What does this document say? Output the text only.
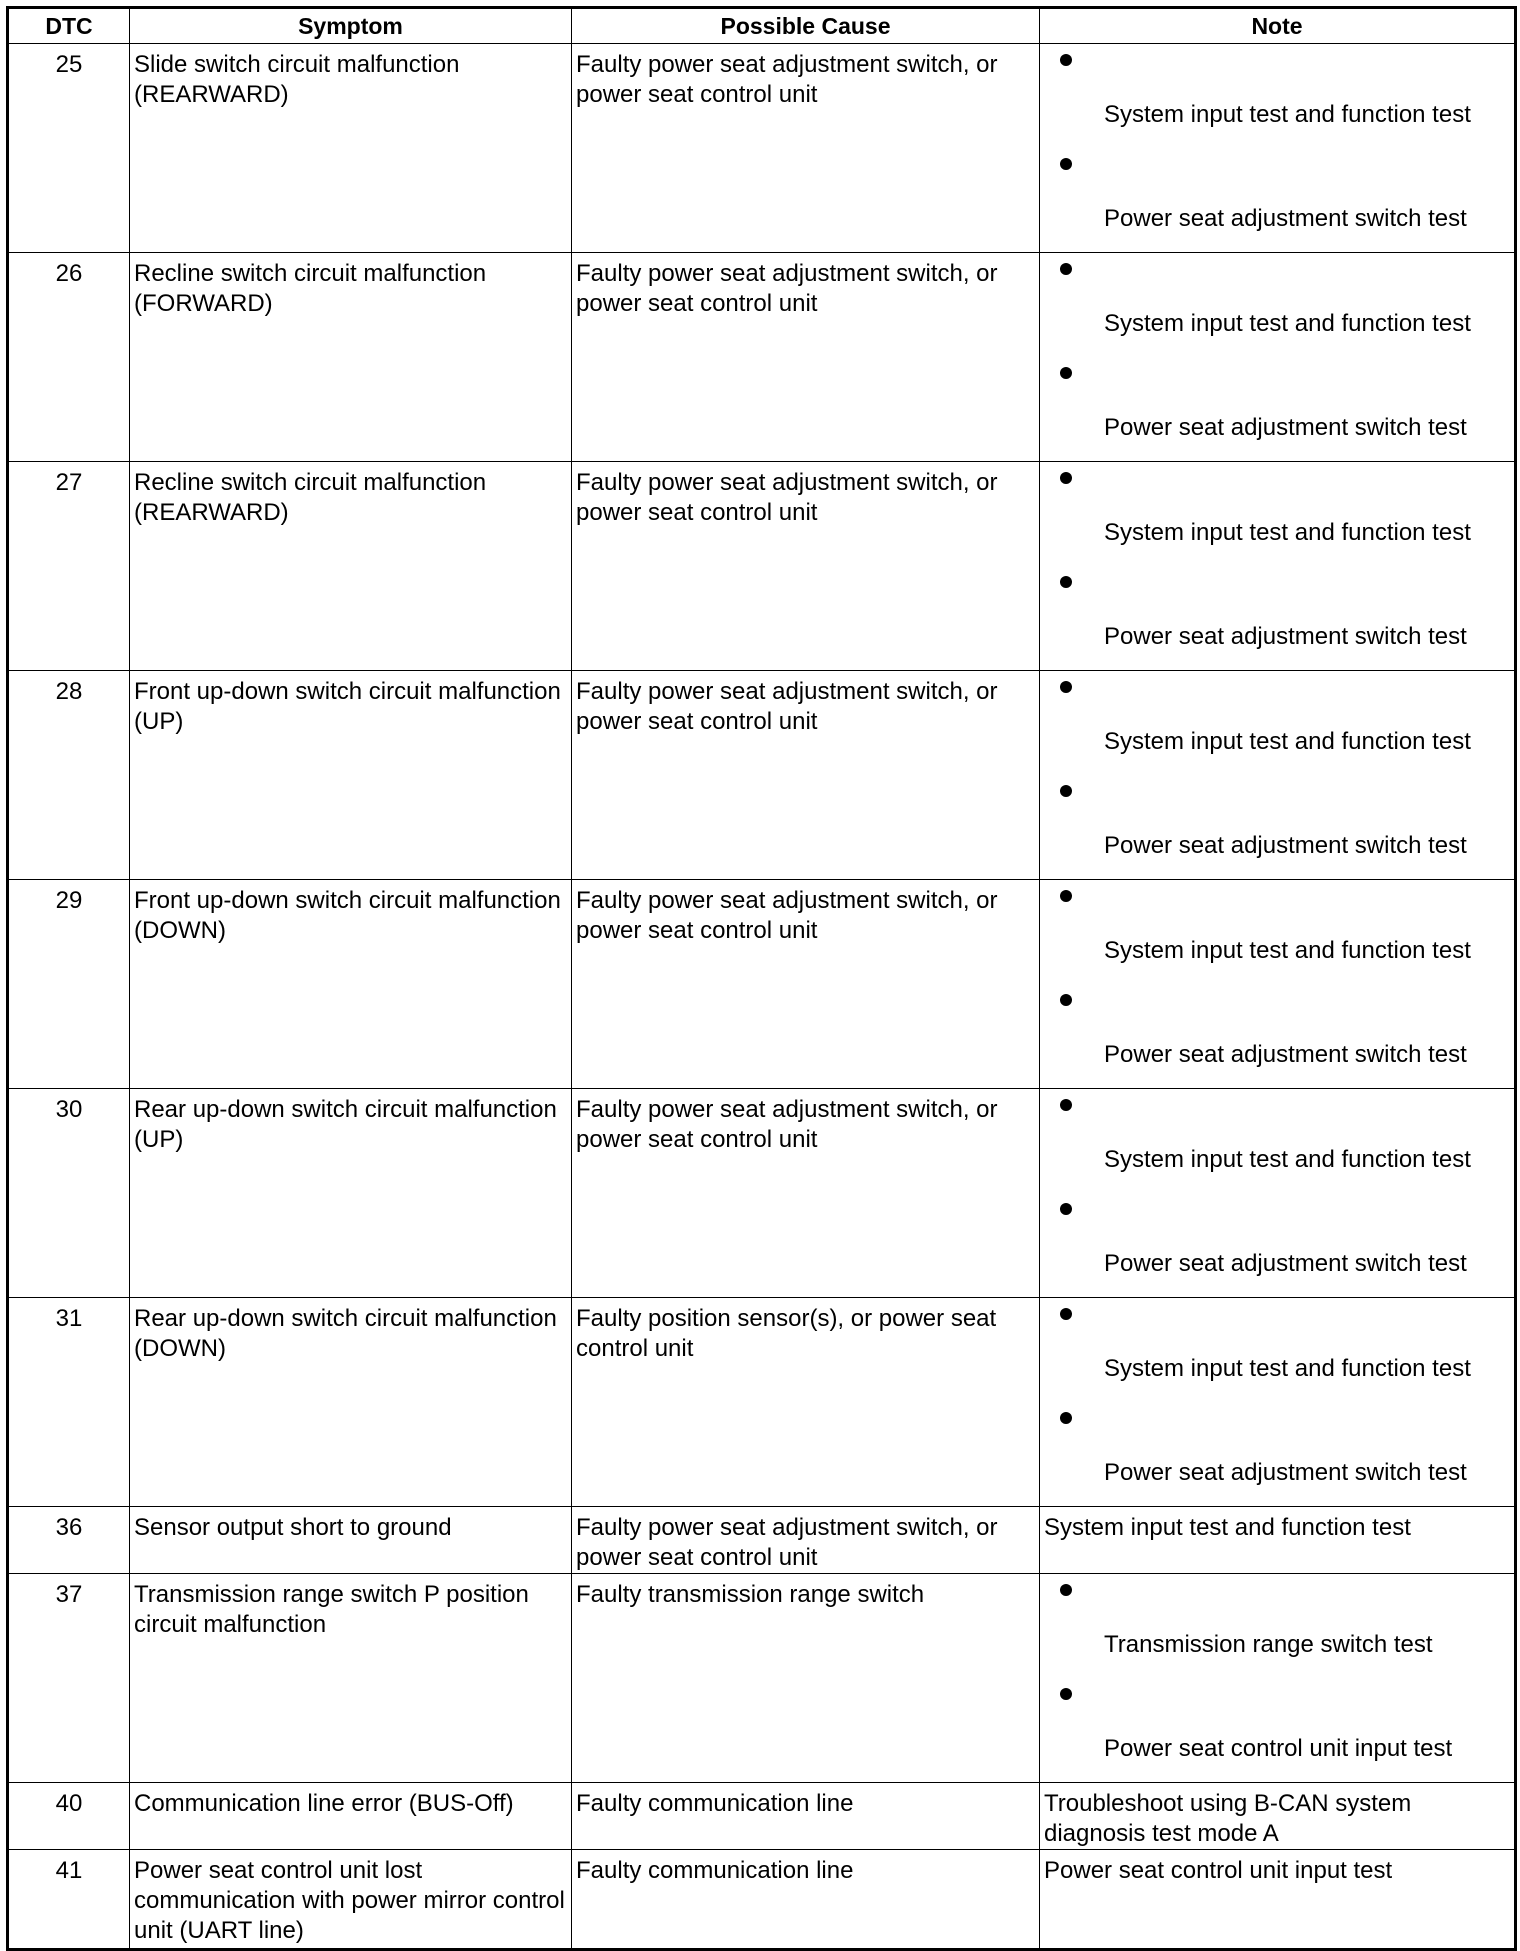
DTC	Symptom	Possible Cause	Note
25	Slide switch circuit malfunction (REARWARD)	Faulty power seat adjustment switch, or power seat control unit	System input test and function test
Power seat adjustment switch test

26	Recline switch circuit malfunction (FORWARD)	Faulty power seat adjustment switch, or power seat control unit	System input test and function test
Power seat adjustment switch test

27	Recline switch circuit malfunction (REARWARD)	Faulty power seat adjustment switch, or power seat control unit	System input test and function test
Power seat adjustment switch test

28	Front up-down switch circuit malfunction (UP)	Faulty power seat adjustment switch, or power seat control unit	System input test and function test
Power seat adjustment switch test

29	Front up-down switch circuit malfunction (DOWN)	Faulty power seat adjustment switch, or power seat control unit	System input test and function test
Power seat adjustment switch test

30	Rear up-down switch circuit malfunction (UP)	Faulty power seat adjustment switch, or power seat control unit	System input test and function test
Power seat adjustment switch test

31	Rear up-down switch circuit malfunction (DOWN)	Faulty position sensor(s), or power seat control unit	System input test and function test
Power seat adjustment switch test

36	Sensor output short to ground	Faulty power seat adjustment switch, or power seat control unit	System input test and function test
37	Transmission range switch P position circuit malfunction	Faulty transmission range switch	Transmission range switch test
Power seat control unit input test

40	Communication line error (BUS-Off)	Faulty communication line	Troubleshoot using B-CAN system diagnosis test mode A
41	Power seat control unit lost communication with power mirror control unit (UART line)	Faulty communication line	Power seat control unit input test
